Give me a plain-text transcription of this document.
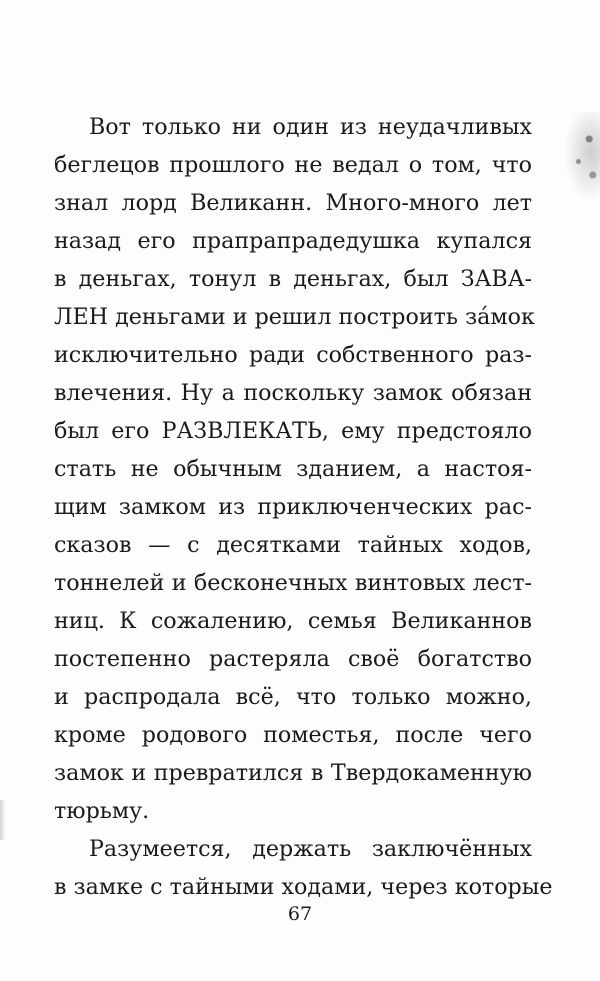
Вот только ни один из неудачливых
беглецов прошлого не ведал о том, что
знал лорд Великанн. Много-много лет
назад его прапрапрадедушка купался
в деньгах, тонул в деньгах, был ЗАВА-
ЛЕН деньгами и решил построить за́мок
исключительно ради собственного раз-
влечения. Ну а поскольку замок обязан
был его РАЗВЛЕКАТЬ, ему предстояло
стать не обычным зданием, а настоя-
щим замком из приключенческих рас-
сказов — с десятками тайных ходов,
тоннелей и бесконечных винтовых лест-
ниц. К сожалению, семья Великаннов
постепенно растеряла своё богатство
и распродала всё, что только можно,
кроме родового поместья, после чего
замок и превратился в Твердокаменную
тюрьму.
Разумеется, держать заключённых
в замке с тайными ходами, через которые
67
